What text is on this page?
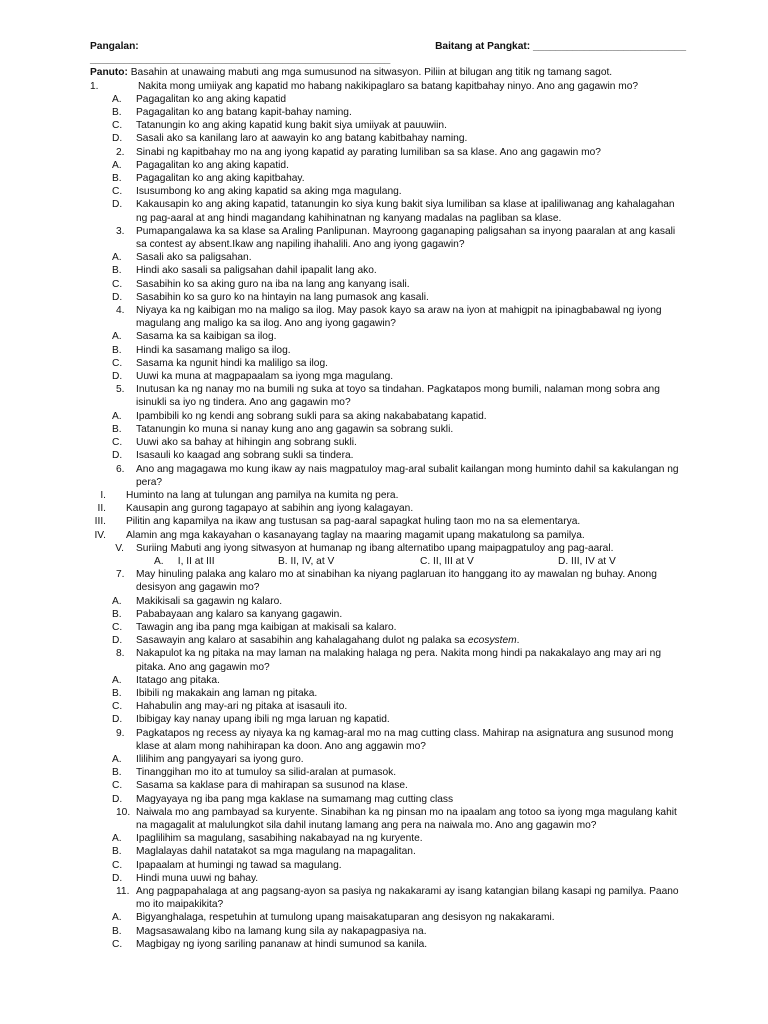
Pangalan:	Baitang at Pangkat: ___________________________
_____________________________________________________
Panuto: Basahin at unawaing mabuti ang mga sumusunod na sitwasyon. Piliin at bilugan ang titik ng tamang sagot.
1.	Nakita mong umiiyak ang kapatid mo habang nakikipaglaro sa batang kapitbahay ninyo. Ano ang gagawin mo?
A. Pagagalitan ko ang aking kapatid
B. Pagagalitan ko ang batang kapit-bahay naming.
C. Tatanungin ko ang aking kapatid kung bakit siya umiiyak at pauuwiin.
D. Sasali ako sa kanilang laro at aawayin ko ang batang kabitbahay naming.
2.	Sinabi ng kapitbahay mo na ang iyong kapatid ay parating lumiliban sa sa klase. Ano ang gagawin mo?
A. Pagagalitan ko ang aking kapatid.
B. Pagagalitan ko ang aking kapitbahay.
C. Isusumbong ko ang aking kapatid sa aking mga magulang.
D. Kakausapin ko ang aking kapatid, tatanungin ko siya kung bakit siya lumiliban sa klase at ipaliliwanag ang kahalagahan ng pag-aaral at ang hindi magandang kahihinatnan ng kanyang madalas na pagliban sa klase.
3.	Pumapangalawa ka sa klase sa Araling Panlipunan. Mayroong gaganaping paligsahan sa inyong paaralan at ang kasali sa contest ay absent.Ikaw ang napiling ihahalili. Ano ang iyong gagawin?
A. Sasali ako sa paligsahan.
B. Hindi ako sasali sa paligsahan dahil ipapalit lang ako.
C. Sasabihin ko sa aking guro na iba na lang ang kanyang isali.
D. Sasabihin ko sa guro ko na hintayin na lang pumasok ang kasali.
4.	Niyaya ka ng kaibigan mo na maligo sa ilog. May pasok kayo sa araw na iyon at mahigpit na ipinagbabawal ng iyong magulang ang maligo ka sa ilog. Ano ang iyong gagawin?
A. Sasama ka sa kaibigan sa ilog.
B. Hindi ka sasamang maligo sa ilog.
C. Sasama ka ngunit hindi ka maliligo sa ilog.
D. Uuwi ka muna at magpapaalam sa iyong mga magulang.
5.	Inutusan ka ng nanay mo na bumili ng suka at toyo sa tindahan. Pagkatapos mong bumili, nalaman mong sobra ang isinukli sa iyo ng tindera. Ano ang gagawin mo?
A. Ipambibili ko ng kendi ang sobrang sukli para sa aking nakababatang kapatid.
B. Tatanungin ko muna si nanay kung ano ang gagawin sa sobrang sukli.
C. Uuwi ako sa bahay at hihingin ang sobrang sukli.
D. Isasauli ko kaagad ang sobrang sukli sa tindera.
6.	Ano ang magagawa mo kung ikaw ay nais magpatuloy mag-aral subalit kailangan mong huminto dahil sa kakulangan ng pera?
I. Huminto na lang at tulungan ang pamilya na kumita ng pera.
II. Kausapin ang gurong tagapayo at sabihin ang iyong kalagayan.
III. Pilitin ang kapamilya na ikaw ang tustusan sa pag-aaral sapagkat huling taon mo na sa elementarya.
IV. Alamin ang mga kakayahan o kasanayang taglay na maaring magamit upang makatulong sa pamilya.
V. Suriing Mabuti ang iyong sitwasyon at humanap ng ibang alternatibo upang maipagpatuloy ang pag-aaral.
A. I, II at III	B. II, IV, at V	C. II, III at V	D. III, IV at V
7.	May hinuling palaka ang kalaro mo at sinabihan ka niyang paglaruan ito hanggang ito ay mawalan ng buhay. Anong desisyon ang gagawin mo?
A. Makikisali sa gagawin ng kalaro.
B. Pababayaan ang kalaro sa kanyang gagawin.
C. Tawagin ang iba pang mga kaibigan at makisali sa kalaro.
D. Sasawayin ang kalaro at sasabihin ang kahalagahang dulot ng palaka sa ecosystem.
8.	Nakapulot ka ng pitaka na may laman na malaking halaga ng pera. Nakita mong hindi pa nakakalayo ang may ari ng pitaka. Ano ang gagawin mo?
A. Itatago ang pitaka.
B. Ibibili ng makakain ang laman ng pitaka.
C. Hahabulin ang may-ari ng pitaka at isasauli ito.
D. Ibibigay kay nanay upang ibili ng mga laruan ng kapatid.
9.	Pagkatapos ng recess ay niyaya ka ng kamag-aral mo na mag cutting class. Mahirap na asignatura ang susunod mong klase at alam mong nahihirapan ka doon. Ano ang aggawin mo?
A. Ililihim ang pangyayari sa iyong guro.
B. Tinanggihan mo ito at tumuloy sa silid-aralan at pumasok.
C. Sasama sa kaklase para di mahirapan sa susunod na klase.
D. Magyayaya ng iba pang mga kaklase na sumamang mag cutting class
10. Naiwala mo ang pambayad sa kuryente. Sinabihan ka ng pinsan mo na ipaalam ang totoo sa iyong mga magulang kahit na magagalit at malulungkot sila dahil inutang lamang ang pera na naiwala mo. Ano ang gagawin mo?
A. Ipaglilihim sa magulang, sasabihing nakabayad na ng kuryente.
B. Maglalayas dahil natatakot sa mga magulang na mapagalitan.
C. Ipapaalam at humingi ng tawad sa magulang.
D. Hindi muna uuwi ng bahay.
11. Ang pagpapahalaga at ang pagsang-ayon sa pasiya ng nakakarami ay isang katangian bilang kasapi ng pamilya. Paano mo ito maipakikita?
A. Bigyanghalaga, respetuhin at tumulong upang maisakatuparan ang desisyon ng nakakarami.
B. Magsasawalang kibo na lamang kung sila ay nakapagpasiya na.
C. Magbigay ng iyong sariling pananaw at hindi sumunod sa kanila.
